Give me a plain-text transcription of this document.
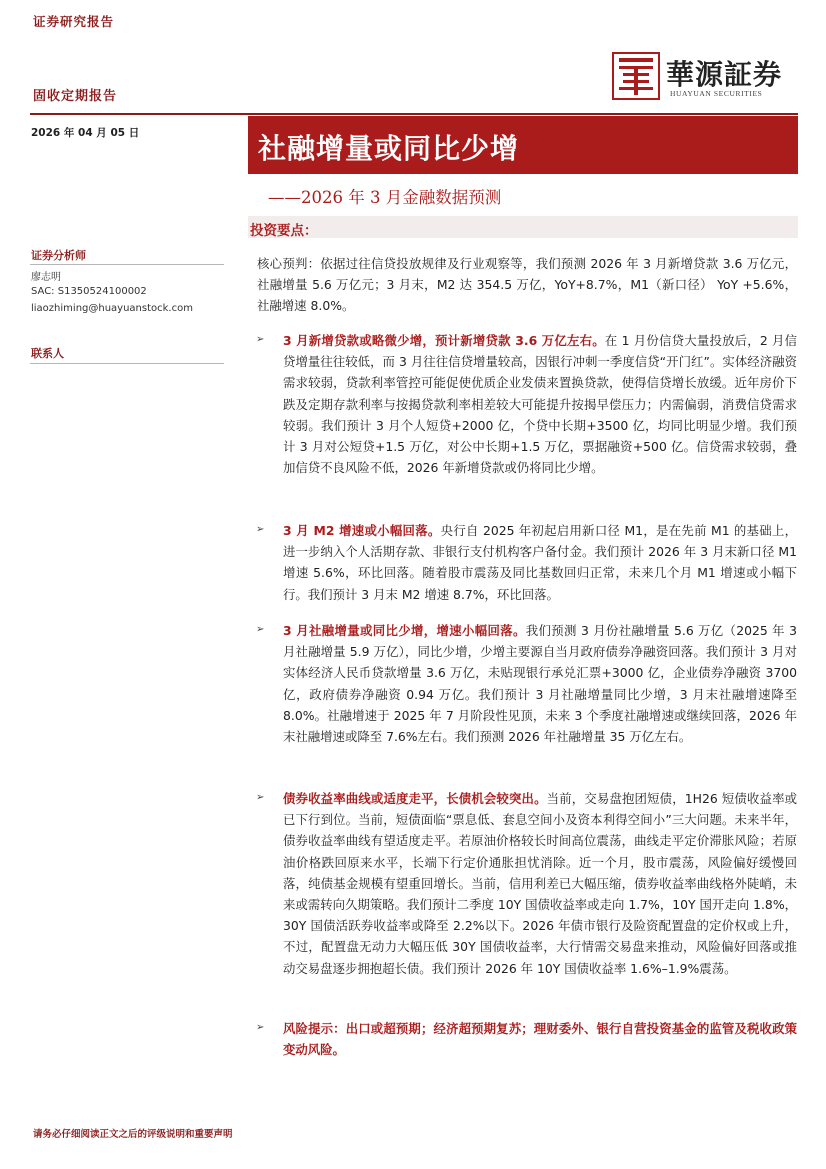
证券研究报告
固收定期报告
華源証券
HUAYUAN SECURITIES
2026 年 04 月 05 日	社融增量或同比少增
——2026 年 3 月金融数据预测
投资要点：
证券分析师
廖志明
SAC: S1350524100002
liaozhiming@huayuanstock.com
联系人
核心预判：依据过往信贷投放规律及行业观察等，我们预测 2026 年 3 月新增贷款 3.6 万亿元，社融增量 5.6 万亿元；3 月末，M2 达 354.5 万亿，YoY+8.7%，M1（新口径） YoY +5.6%，社融增速 8.0%。
➢ 3 月新增贷款或略微少增，预计新增贷款 3.6 万亿左右。在 1 月份信贷大量投放后，2 月信贷增量往往较低，而 3 月往往信贷增量较高，因银行冲刺一季度信贷“开门红”。实体经济融资需求较弱，贷款利率管控可能促使优质企业发债来置换贷款，使得信贷增长放缓。近年房价下跌及定期存款利率与按揭贷款利率相差较大可能提升按揭早偿压力；内需偏弱，消费信贷需求较弱。我们预计 3 月个人短贷+2000 亿，个贷中长期+3500 亿，均同比明显少增。我们预计 3 月对公短贷+1.5 万亿，对公中长期+1.5 万亿，票据融资+500 亿。信贷需求较弱，叠加信贷不良风险不低，2026 年新增贷款或仍将同比少增。
➢ 3 月 M2 增速或小幅回落。央行自 2025 年初起启用新口径 M1，是在先前 M1 的基础上，进一步纳入个人活期存款、非银行支付机构客户备付金。我们预计 2026 年 3 月末新口径 M1 增速 5.6%，环比回落。随着股市震荡及同比基数回归正常，未来几个月 M1 增速或小幅下行。我们预计 3 月末 M2 增速 8.7%，环比回落。
➢ 3 月社融增量或同比少增，增速小幅回落。我们预测 3 月份社融增量 5.6 万亿（2025 年 3 月社融增量 5.9 万亿），同比少增，少增主要源自当月政府债券净融资回落。我们预计 3 月对实体经济人民币贷款增量 3.6 万亿，未贴现银行承兑汇票+3000 亿，企业债券净融资 3700 亿，政府债券净融资 0.94 万亿。我们预计 3 月社融增量同比少增，3 月末社融增速降至 8.0%。社融增速于 2025 年 7 月阶段性见顶，未来 3 个季度社融增速或继续回落，2026 年末社融增速或降至 7.6%左右。我们预测 2026 年社融增量 35 万亿左右。
➢ 债券收益率曲线或适度走平，长债机会较突出。当前，交易盘抱团短债，1H26 短债收益率或已下行到位。当前，短债面临“票息低、套息空间小及资本利得空间小”三大问题。未来半年，债券收益率曲线有望适度走平。若原油价格较长时间高位震荡，曲线走平定价滞胀风险；若原油价格跌回原来水平，长端下行定价通胀担忧消除。近一个月，股市震荡，风险偏好缓慢回落，纯债基金规模有望重回增长。当前，信用利差已大幅压缩，债券收益率曲线格外陡峭，未来或需转向久期策略。我们预计二季度 10Y 国债收益率或走向 1.7%，10Y 国开走向 1.8%，30Y 国债活跃券收益率或降至 2.2%以下。2026 年债市银行及险资配置盘的定价权或上升，不过，配置盘无动力大幅压低 30Y 国债收益率，大行情需交易盘来推动，风险偏好回落或推动交易盘逐步拥抱超长债。我们预计 2026 年 10Y 国债收益率 1.6%–1.9%震荡。
➢ 风险提示：出口或超预期；经济超预期复苏；理财委外、银行自营投资基金的监管及税收政策变动风险。
请务必仔细阅读正文之后的评级说明和重要声明
